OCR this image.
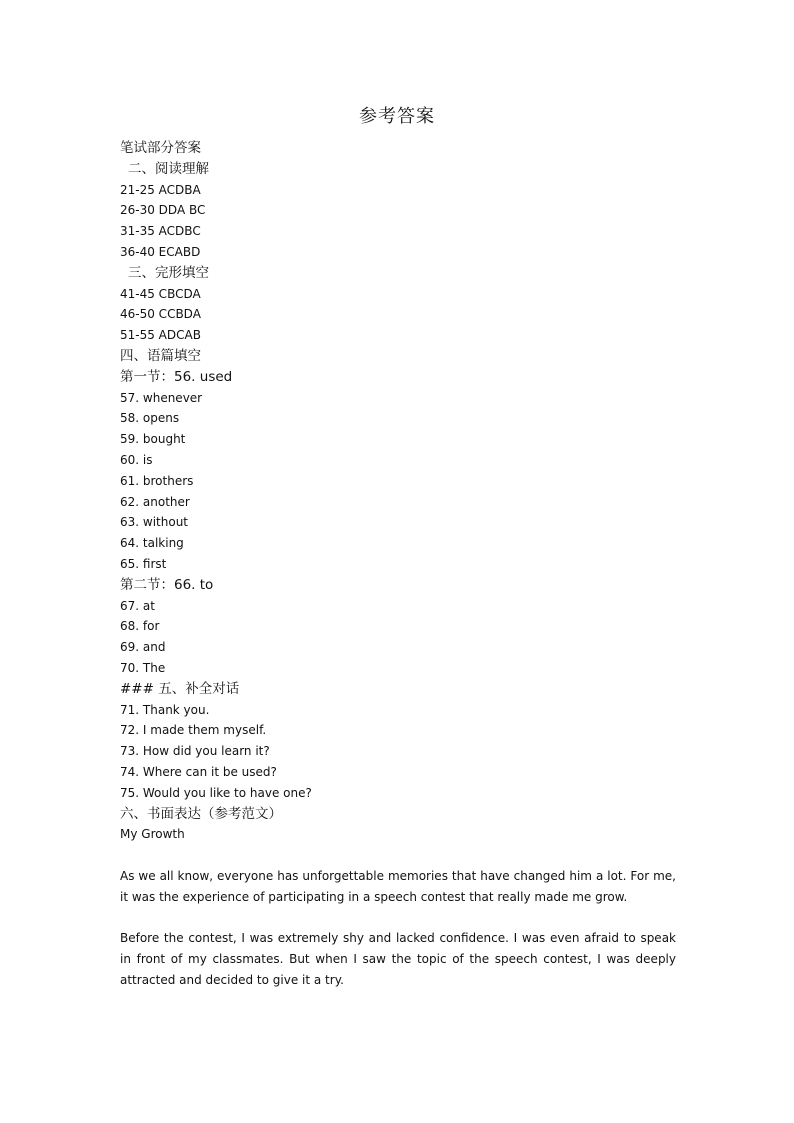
参考答案
笔试部分答案
二、阅读理解
21-25 ACDBA
26-30 DDA BC
31-35 ACDBC
36-40 ECABD
三、完形填空
41-45 CBCDA
46-50 CCBDA
51-55 ADCAB
四、语篇填空
第一节：56. used
57. whenever
58. opens
59. bought
60. is
61. brothers
62. another
63. without
64. talking
65. first
第二节：66. to
67. at
68. for
69. and
70. The
### 五、补全对话
71. Thank you.
72. I made them myself.
73. How did you learn it?
74. Where can it be used?
75. Would you like to have one?
六、书面表达（参考范文）
My Growth

As we all know, everyone has unforgettable memories that have changed him a lot. For me, it was the experience of participating in a speech contest that really made me grow.

Before the contest, I was extremely shy and lacked confidence. I was even afraid to speak in front of my classmates. But when I saw the topic of the speech contest, I was deeply attracted and decided to give it a try.
